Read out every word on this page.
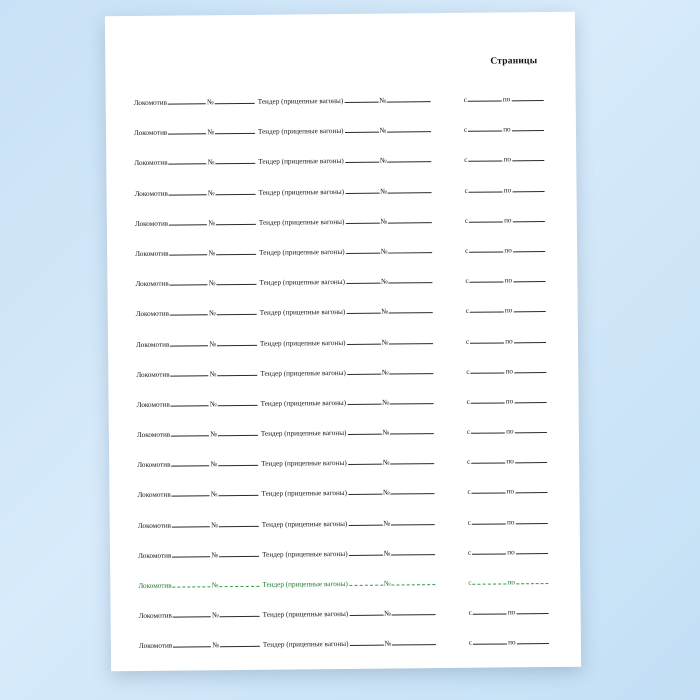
Страницы
Локомотив	№	Тендер (прицепные вагоны)	№	с	по
Локомотив	№	Тендер (прицепные вагоны)	№	с	по
Локомотив	№	Тендер (прицепные вагоны)	№	с	по
Локомотив	№	Тендер (прицепные вагоны)	№	с	по
Локомотив	№	Тендер (прицепные вагоны)	№	с	по
Локомотив	№	Тендер (прицепные вагоны)	№	с	по
Локомотив	№	Тендер (прицепные вагоны)	№	с	по
Локомотив	№	Тендер (прицепные вагоны)	№	с	по
Локомотив	№	Тендер (прицепные вагоны)	№	с	по
Локомотив	№	Тендер (прицепные вагоны)	№	с	по
Локомотив	№	Тендер (прицепные вагоны)	№	с	по
Локомотив	№	Тендер (прицепные вагоны)	№	с	по
Локомотив	№	Тендер (прицепные вагоны)	№	с	по
Локомотив	№	Тендер (прицепные вагоны)	№	с	по
Локомотив	№	Тендер (прицепные вагоны)	№	с	по
Локомотив	№	Тендер (прицепные вагоны)	№	с	по
Локомотив	№	Тендер (прицепные вагоны)	№	с	по
Локомотив	№	Тендер (прицепные вагоны)	№	с	по
Локомотив	№	Тендер (прицепные вагоны)	№	с	по
